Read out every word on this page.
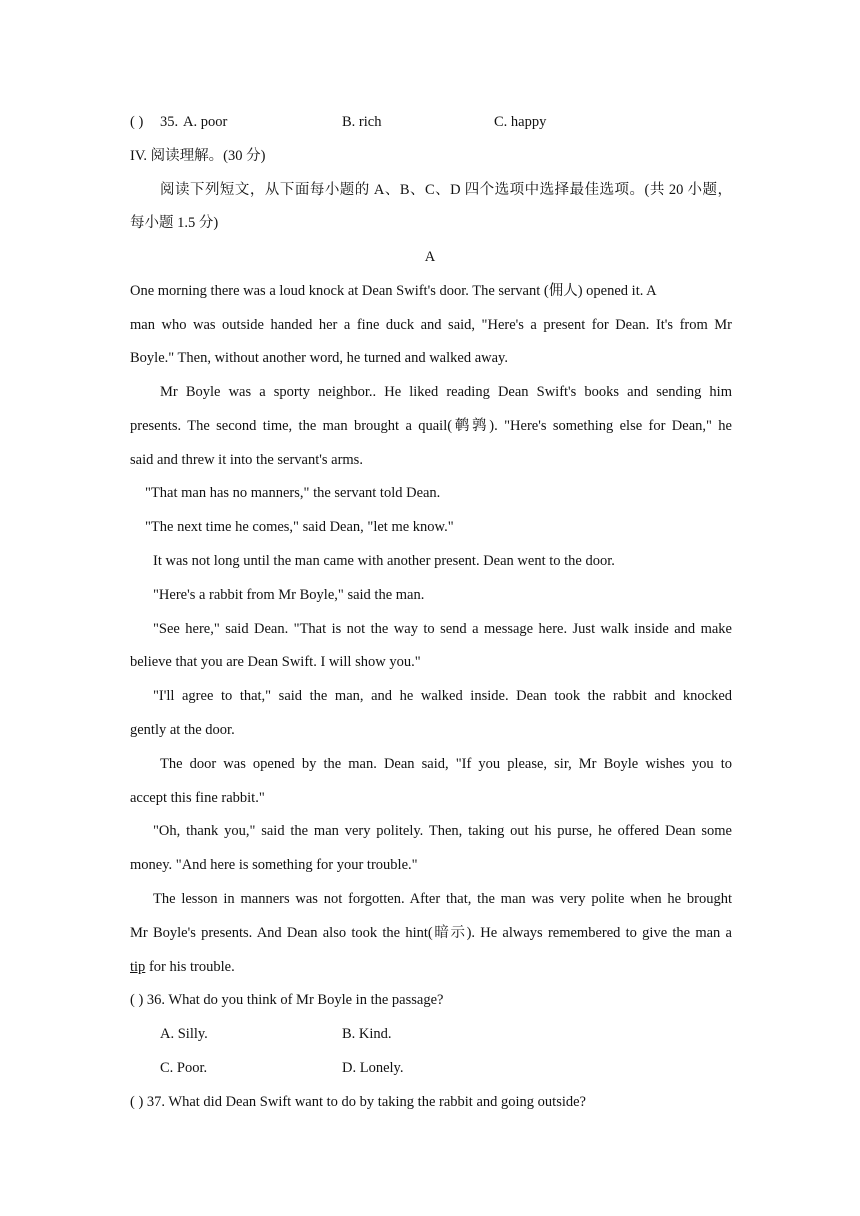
( ) 35. A. poor	B. rich	C. happy
IV. 阅读理解。(30 分)
阅读下列短文，从下面每小题的 A、B、C、D 四个选项中选择最佳选项。(共 20 小题，
每小题 1.5 分)
A
One morning there was a loud knock at Dean Swift's door. The servant (佣人) opened it. A
man who was outside handed her a fine duck and said, "Here's a present for Dean. It's from Mr
Boyle." Then, without another word, he turned and walked away.
Mr Boyle was a sporty neighbor.. He liked reading Dean Swift's books and sending him
presents. The second time, the man brought a quail(鹌鹑). "Here's something else for Dean," he
said and threw it into the servant's arms.
"That man has no manners," the servant told Dean.
"The next time he comes," said Dean, "let me know."
It was not long until the man came with another present. Dean went to the door.
"Here's a rabbit from Mr Boyle," said the man.
"See here," said Dean. "That is not the way to send a message here. Just walk inside and make
believe that you are Dean Swift. I will show you."
"I'll agree to that," said the man, and he walked inside. Dean took the rabbit and knocked
gently at the door.
The door was opened by the man. Dean said, "If you please, sir, Mr Boyle wishes you to
accept this fine rabbit."
"Oh, thank you," said the man very politely. Then, taking out his purse, he offered Dean some
money. "And here is something for your trouble."
The lesson in manners was not forgotten. After that, the man was very polite when he brought
Mr Boyle's presents. And Dean also took the hint(暗示). He always remembered to give the man a
tip for his trouble.
( ) 36. What do you think of Mr Boyle in the passage?
A. Silly.	B. Kind.
C. Poor.	D. Lonely.
( ) 37. What did Dean Swift want to do by taking the rabbit and going outside?
